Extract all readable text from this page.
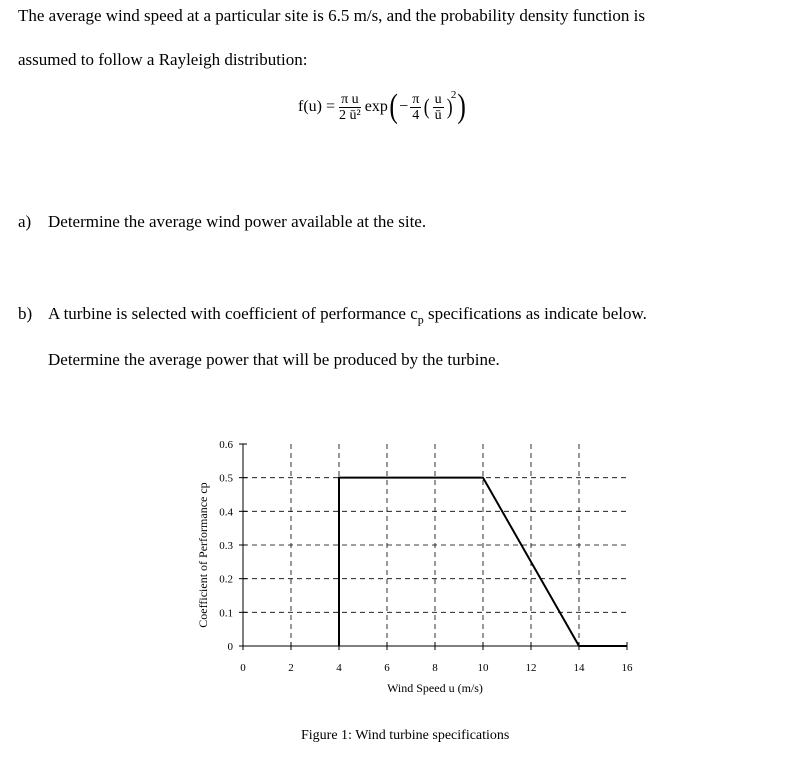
The average wind speed at a particular site is 6.5 m/s, and the probability density function is
assumed to follow a Rayleigh distribution:
$f(u) = \frac{\text{π u}}{\text{2 ū²}}$ exp ( − $\frac{\pi}{4}$ ( $\frac{u}{ū}$ )
2 )
a) Determine the average wind power available at the site.
b) A turbine is selected with coefficient of performance $c_p$ specifications as indicate below.
Determine the average power that will be produced by the turbine.
0
0.1
0.2
0.3
0.4
0.5
0.6
0	2	4	6	8	10	12	14	16
Wind Speed u (m/s)
Coefficient of Performance cp
Figure 1: Wind turbine specifications
